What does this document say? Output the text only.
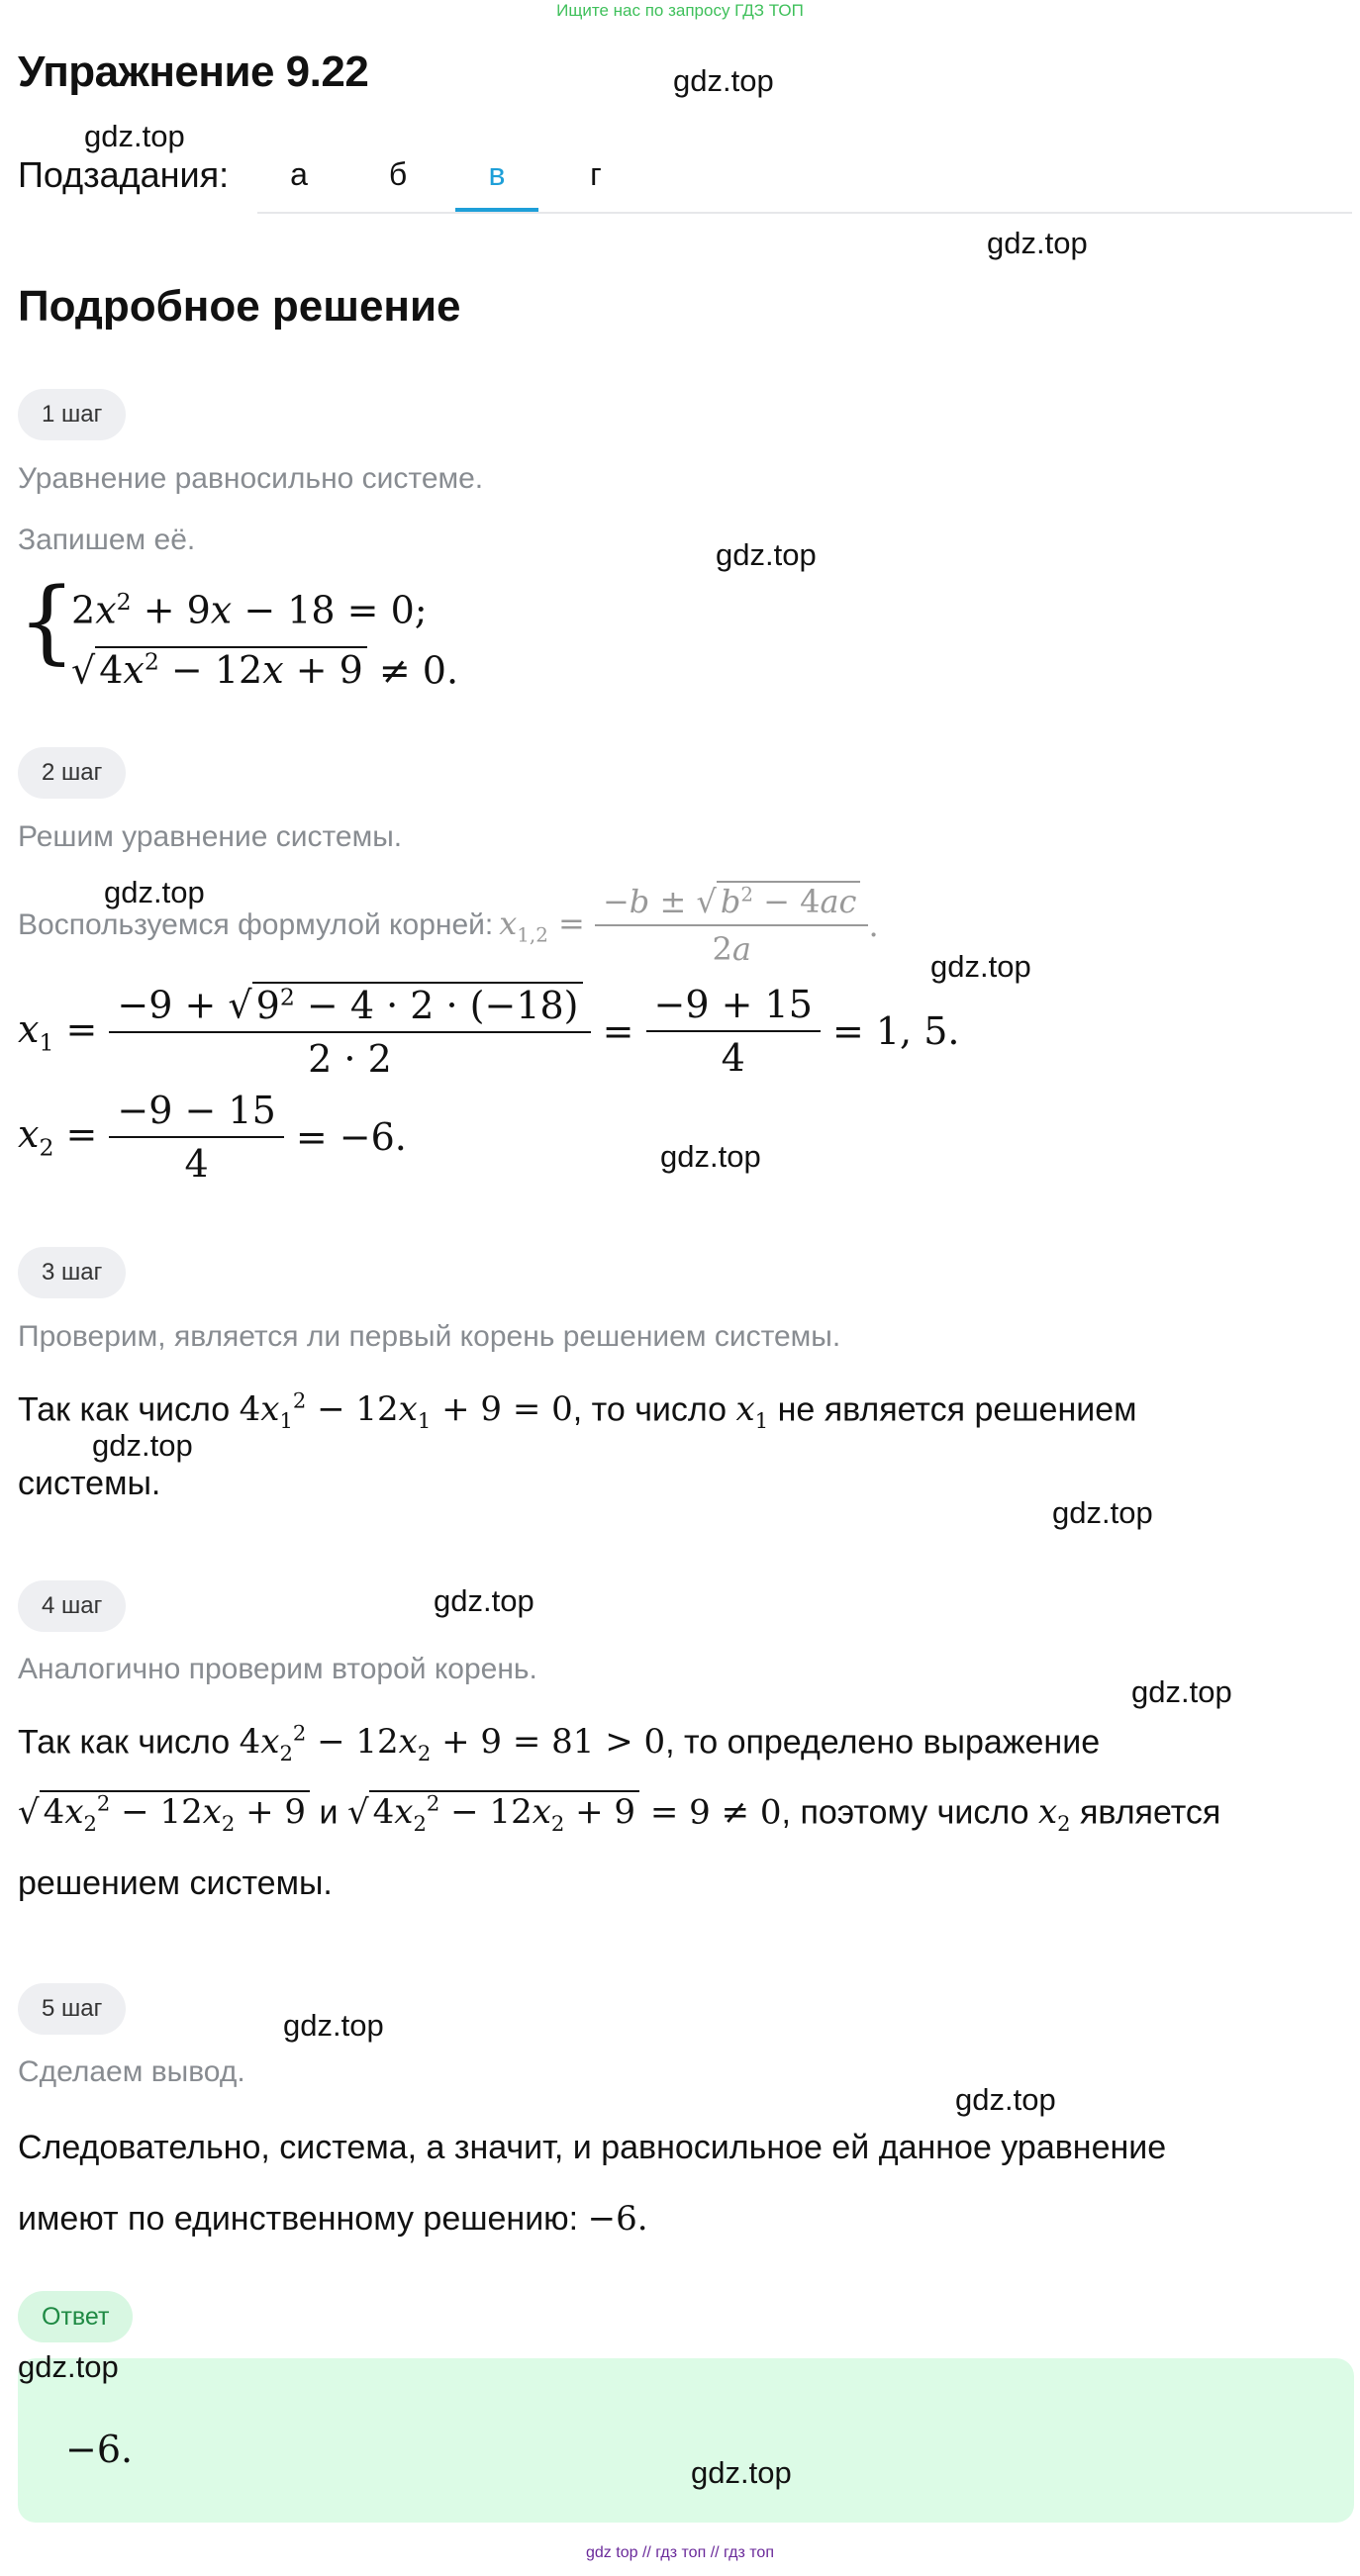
Ищите нас по запросу ГДЗ ТОП
Упражнение 9.22	gdz.top
gdz.top
Подзадания:	а	б	в	г
gdz.top
Подробное решение
1 шаг
Уравнение равносильно системе.
Запишем её.	gdz.top
{
$2x^2 + 9x - 18 = 0$;
√ $4x^2 - 12x + 9 \ne 0$.
2 шаг
Решим уравнение системы.
gdz.top
Воспользуемся формулой корней: $x_{1,2} = \frac{-b \pm √ b^2 - 4ac}{2a}$ .
gdz.top
$x_1 = \frac{-9 + √ 9^2 - 4 \cdot 2 \cdot (-18)}{2 \cdot 2} = \frac{-9 + 15}{4} = 1$, 5.
$x_2 = \frac{-9 - 15}{4} = -6$.	gdz.top
3 шаг
Проверим, является ли первый корень решением системы.
Так как число $4x_1^2 - 12x_1 + 9 = 0$, то число $x_1$ не является решением
системы.
gdz.top
gdz.top
4 шаг	gdz.top
Аналогично проверим второй корень.
gdz.top
Так как число $4x_2^2 - 12x_2 + 9 = 81 > 0$, то определено выражение
√ $4x_2^2 - 12x_2 + 9$ и √ $4x_2^2 - 12x_2 + 9 = 9 \ne 0$, поэтому число $x_2$ является
решением системы.
5 шаг	gdz.top
Сделаем вывод.
gdz.top
Следовательно, система, а значит, и равносильное ей данное уравнение
имеют по единственному решению: −6.
Ответ
−6.
gdz.top
gdz.top
gdz top // гдз топ // гдз топ
